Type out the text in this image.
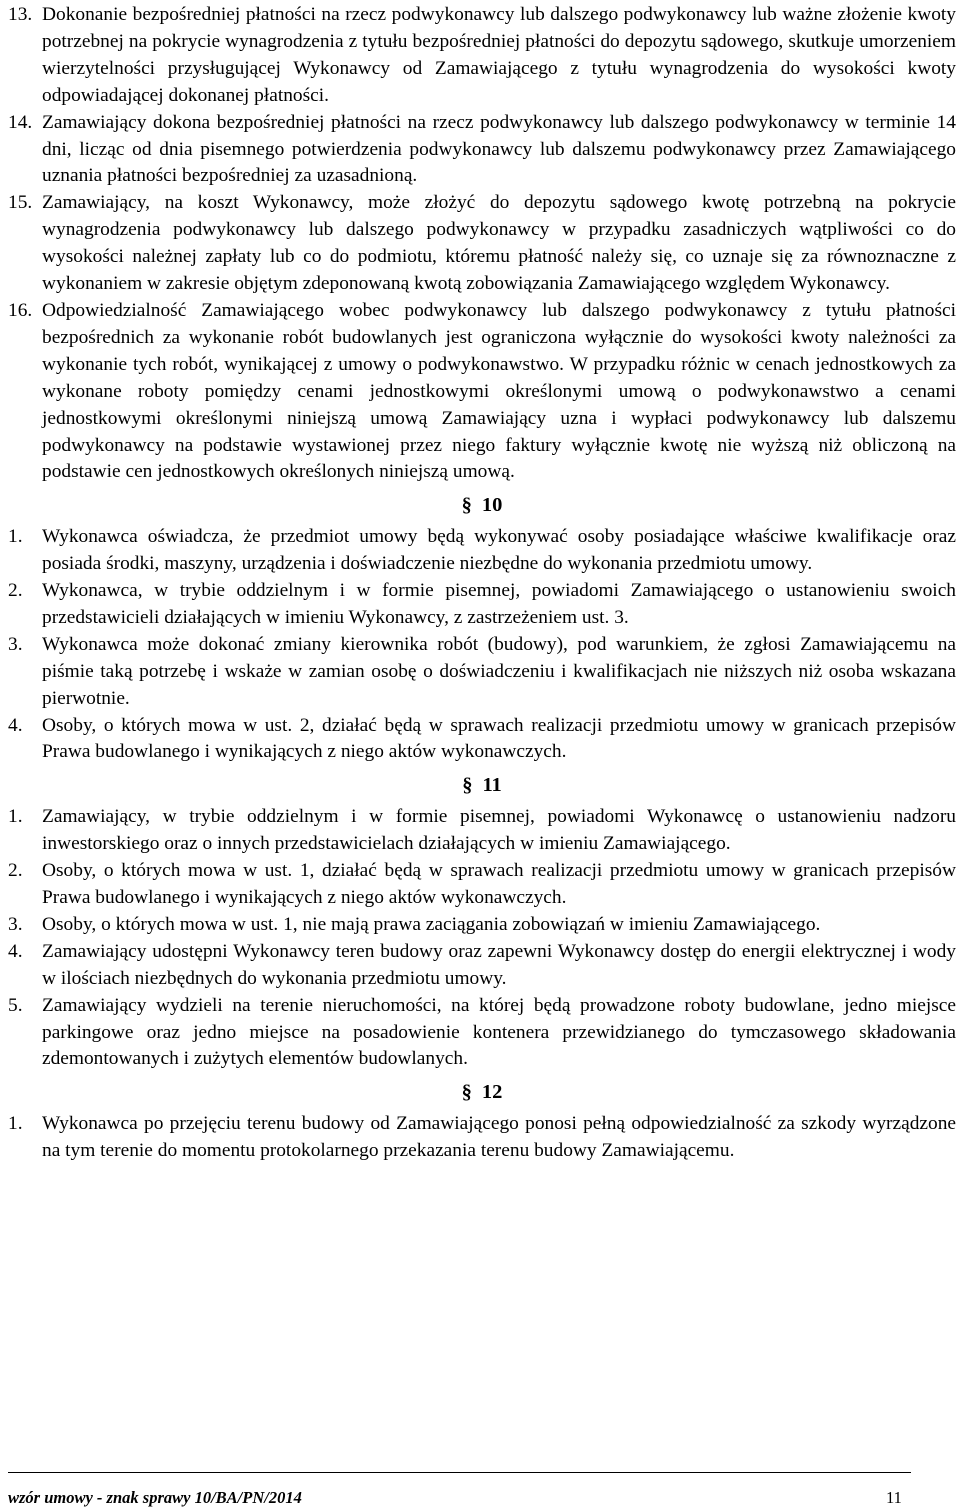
13. Dokonanie bezpośredniej płatności na rzecz podwykonawcy lub dalszego podwykonawcy lub ważne złożenie kwoty potrzebnej na pokrycie wynagrodzenia z tytułu bezpośredniej płatności do depozytu sądowego, skutkuje umorzeniem wierzytelności przysługującej Wykonawcy od Zamawiającego z tytułu wynagrodzenia do wysokości kwoty odpowiadającej dokonanej płatności.
14. Zamawiający dokona bezpośredniej płatności na rzecz podwykonawcy lub dalszego podwykonawcy w terminie 14 dni, licząc od dnia pisemnego potwierdzenia podwykonawcy lub dalszemu podwykonawcy przez Zamawiającego uznania płatności bezpośredniej za uzasadnioną.
15. Zamawiający, na koszt Wykonawcy, może złożyć do depozytu sądowego kwotę potrzebną na pokrycie wynagrodzenia podwykonawcy lub dalszego podwykonawcy w przypadku zasadniczych wątpliwości co do wysokości należnej zapłaty lub co do podmiotu, któremu płatność należy się, co uznaje się za równoznaczne z wykonaniem w zakresie objętym zdeponowaną kwotą zobowiązania Zamawiającego względem Wykonawcy.
16. Odpowiedzialność Zamawiającego wobec podwykonawcy lub dalszego podwykonawcy z tytułu płatności bezpośrednich za wykonanie robót budowlanych jest ograniczona wyłącznie do wysokości kwoty należności za wykonanie tych robót, wynikającej z umowy o podwykonawstwo. W przypadku różnic w cenach jednostkowych za wykonane roboty pomiędzy cenami jednostkowymi określonymi umową o podwykonawstwo a cenami jednostkowymi określonymi niniejszą umową Zamawiający uzna i wypłaci podwykonawcy lub dalszemu podwykonawcy na podstawie wystawionej przez niego faktury wyłącznie kwotę nie wyższą niż obliczoną na podstawie cen jednostkowych określonych niniejszą umową.
§ 10
1.	Wykonawca oświadcza, że przedmiot umowy będą wykonywać osoby posiadające właściwe kwalifikacje oraz posiada środki, maszyny, urządzenia i doświadczenie niezbędne do wykonania przedmiotu umowy.
2.	Wykonawca, w trybie oddzielnym i w formie pisemnej, powiadomi Zamawiającego o ustanowieniu swoich przedstawicieli działających w imieniu Wykonawcy, z zastrzeżeniem ust. 3.
3.	Wykonawca może dokonać zmiany kierownika robót (budowy), pod warunkiem, że zgłosi Zamawiającemu na piśmie taką potrzebę i wskaże w zamian osobę o doświadczeniu i kwalifikacjach nie niższych niż osoba wskazana pierwotnie.
4.	Osoby, o których mowa w ust. 2, działać będą w sprawach realizacji przedmiotu umowy w granicach przepisów Prawa budowlanego i wynikających z niego aktów wykonawczych.
§ 11
1.	Zamawiający, w trybie oddzielnym i w formie pisemnej, powiadomi Wykonawcę o ustanowieniu nadzoru inwestorskiego oraz o innych przedstawicielach działających w imieniu Zamawiającego.
2.	Osoby, o których mowa w ust. 1, działać będą w sprawach realizacji przedmiotu umowy w granicach przepisów Prawa budowlanego i wynikających z niego aktów wykonawczych.
3.	Osoby, o których mowa w ust. 1, nie mają prawa zaciągania zobowiązań w imieniu Zamawiającego.
4.	Zamawiający udostępni Wykonawcy teren budowy oraz zapewni Wykonawcy dostęp do energii elektrycznej i wody w ilościach niezbędnych do wykonania przedmiotu umowy.
5.	Zamawiający wydzieli na terenie nieruchomości, na której będą prowadzone roboty budowlane, jedno miejsce parkingowe oraz jedno miejsce na posadowienie kontenera przewidzianego do tymczasowego składowania zdemontowanych i zużytych elementów budowlanych.
§ 12
1.	Wykonawca po przejęciu terenu budowy od Zamawiającego ponosi pełną odpowiedzialność za szkody wyrządzone na tym terenie do momentu protokolarnego przekazania terenu budowy Zamawiającemu.
wzór umowy - znak sprawy 10/BA/PN/2014	11
